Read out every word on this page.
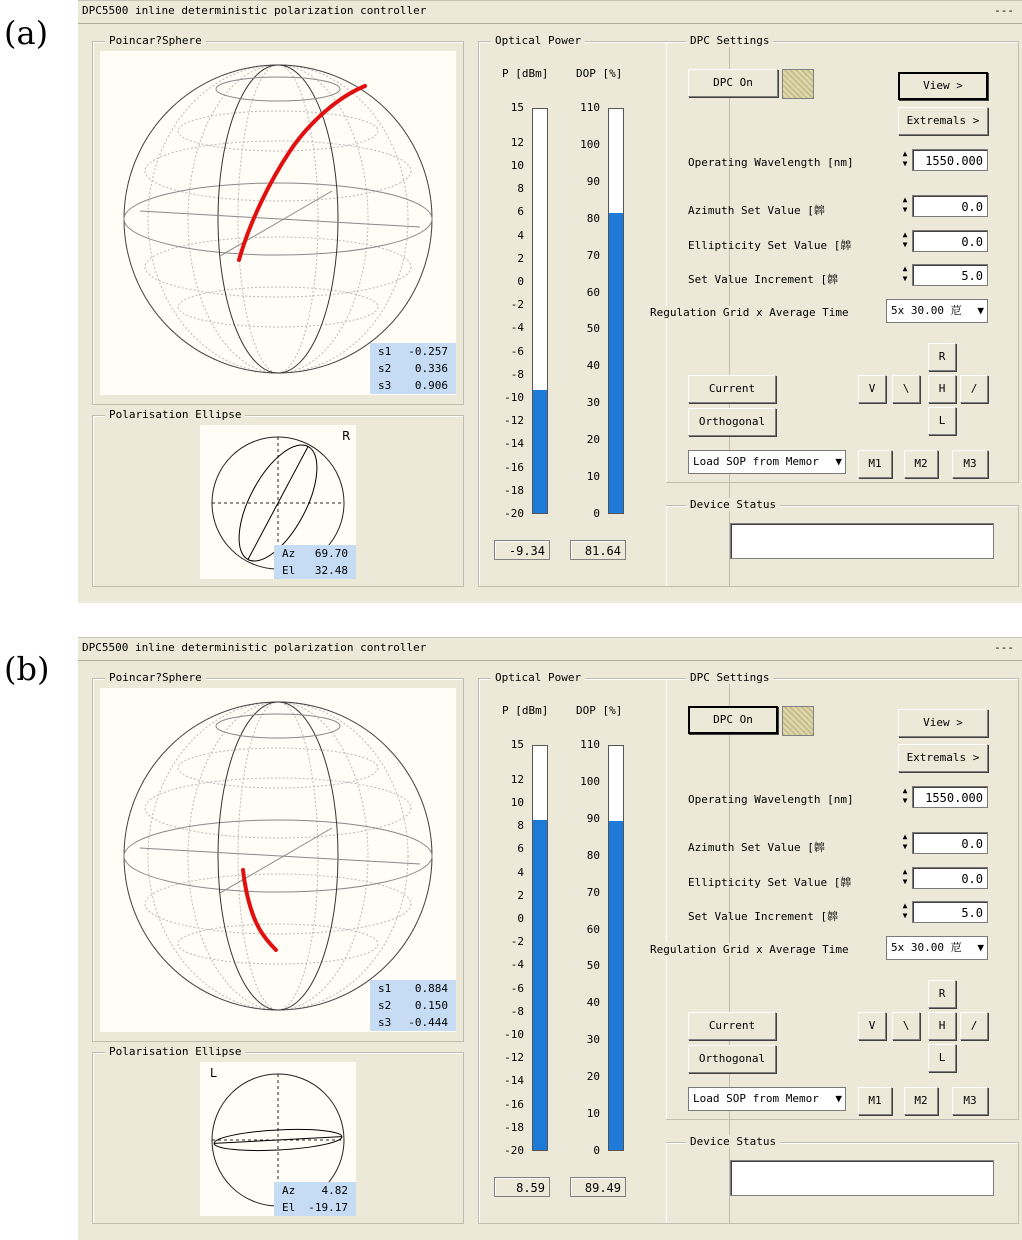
(a)
(b)
DPC5500 inline deterministic polarization controller	---
Poincar?Sphere
s1 -0.257
s2 0.336
s3 0.906
Polarisation Ellipse
R
Az 69.70
El 32.48
Optical Power
P [dBm]	DOP [%]
15
12
10
8
6
4
2
0
-2
-4
-6
-8
-10
-12
-14
-16
-18
-20
110
100
90
80
70
60
50
40
30
20
10
0
-9.34	81.64
DPC Settings
DPC On	View >
Extremals >
Operating Wavelength [nm]
▲
▼	1550.000
Azimuth Set Value [韟
▲
▼	0.0
Ellipticity Set Value [韟
▲
▼	0.0
Set Value Increment [韟
▲
▼	5.0
Regulation Grid x Average Time	5x 30.00 苨 ▼
R
V	\	H	/
L
Current
Orthogonal
Load SOP from Memor ▼	M1	M2	M3
Device Status
DPC5500 inline deterministic polarization controller	---
Poincar?Sphere
s1 0.884
s2 0.150
s3 -0.444
Polarisation Ellipse
L
Az 4.82
El -19.17
Optical Power
P [dBm]	DOP [%]
15
12
10
8
6
4
2
0
-2
-4
-6
-8
-10
-12
-14
-16
-18
-20
110
100
90
80
70
60
50
40
30
20
10
0
8.59	89.49
DPC Settings
DPC On	View >
Extremals >
Operating Wavelength [nm]
▲
▼	1550.000
Azimuth Set Value [韟
▲
▼	0.0
Ellipticity Set Value [韟
▲
▼	0.0
Set Value Increment [韟
▲
▼	5.0
Regulation Grid x Average Time	5x 30.00 苨 ▼
R
V	\	H	/
L
Current
Orthogonal
Load SOP from Memor ▼	M1	M2	M3
Device Status
